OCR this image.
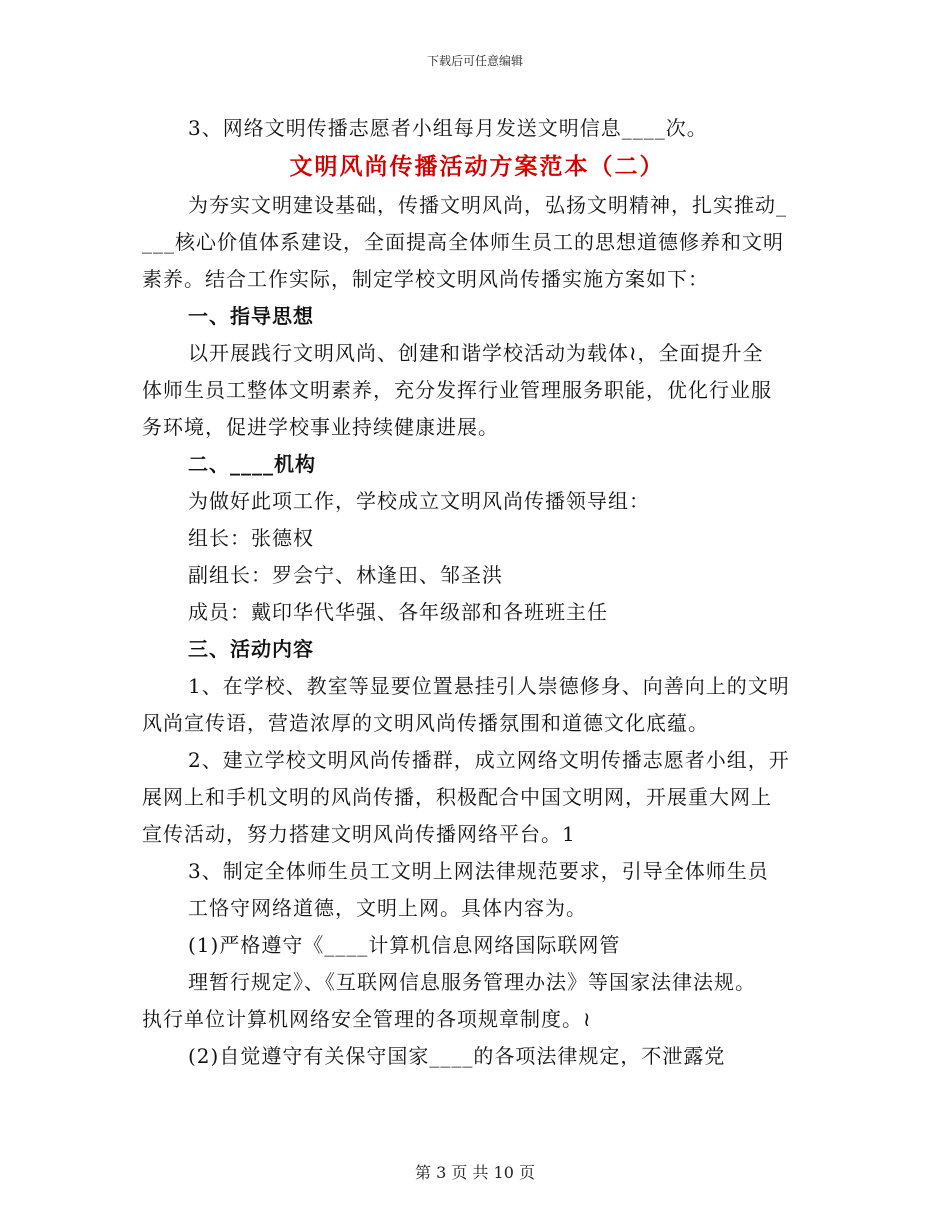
下载后可任意编辑
3、网络文明传播志愿者小组每月发送文明信息____次。
文明风尚传播活动方案范本（二）
为夯实文明建设基础，传播文明风尚，弘扬文明精神，扎实推动_
___核心价值体系建设，全面提高全体师生员工的思想道德修养和文明
素养。结合工作实际，制定学校文明风尚传播实施方案如下：
一、指导思想
以开展践行文明风尚、创建和谐学校活动为载体≀，全面提升全
体师生员工整体文明素养，充分发挥行业管理服务职能，优化行业服
务环境，促进学校事业持续健康进展。
二、____机构
为做好此项工作，学校成立文明风尚传播领导组：
组长：张德权
副组长：罗会宁、林逢田、邹圣洪
成员：戴印华代华强、各年级部和各班班主任
三、活动内容
1、在学校、教室等显要位置悬挂引人崇德修身、向善向上的文明
风尚宣传语，营造浓厚的文明风尚传播氛围和道德文化底蕴。
2、建立学校文明风尚传播群，成立网络文明传播志愿者小组，开
展网上和手机文明的风尚传播，积极配合中国文明网，开展重大网上
宣传活动，努力搭建文明风尚传播网络平台。1
3、制定全体师生员工文明上网法律规范要求，引导全体师生员
工恪守网络道德，文明上网。具体内容为。
(1)严格遵守《____计算机信息网络国际联网管
理暂行规定》、《互联网信息服务管理办法》等国家法律法规。
执行单位计算机网络安全管理的各项规章制度。≀
(2)自觉遵守有关保守国家____的各项法律规定，不泄露党
第 3 页 共 10 页
